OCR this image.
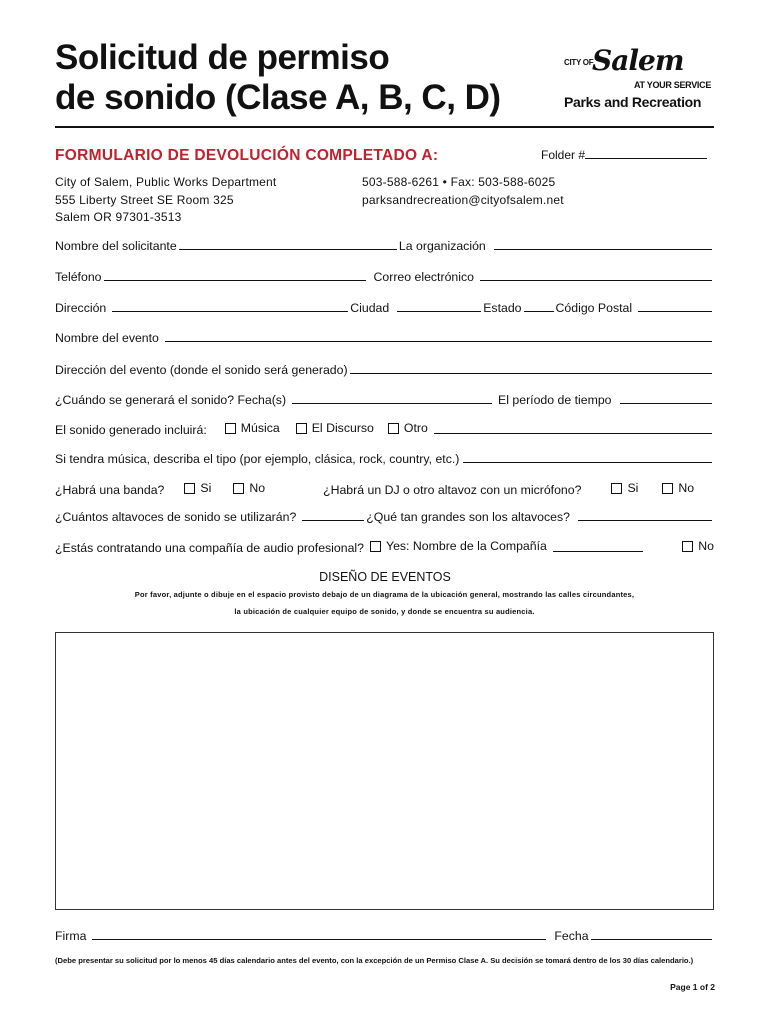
Solicitud de permiso
de sonido (Clase A, B, C, D)
CITY OF
Salem
AT YOUR SERVICE
Parks and Recreation
FORMULARIO DE DEVOLUCIÓN COMPLETADO A:	Folder #
City of Salem, Public Works Department
555 Liberty Street SE Room 325
Salem OR 97301-3513
503-588-6261 • Fax: 503-588-6025
parksandrecreation@cityofsalem.net
Nombre del solicitante	La organización
Teléfono	Correo electrónico
Dirección	Ciudad	Estado	Código Postal
Nombre del evento
Dirección del evento (donde el sonido será generado)
¿Cuándo se generará el sonido? Fecha(s)	El período de tiempo
El sonido generado incluirá:	Música	El Discurso Otro
Si tendra música, describa el tipo (por ejemplo, clásica, rock, country, etc.)
¿Habrá una banda?	Si	No	¿Habrá un DJ o otro altavoz con un micrófono?	Si	No
¿Cuántos altavoces de sonido se utilizarán?	¿Qué tan grandes son los altavoces?
¿Estás contratando una compañía de audio profesional? Yes: Nombre de la Compañía	No
DISEÑO DE EVENTOS
Por favor, adjunte o dibuje en el espacio provisto debajo de un diagrama de la ubicación general, mostrando las calles circundantes,
la ubicación de cualquier equipo de sonido, y donde se encuentra su audiencia.
Firma	Fecha
(Debe presentar su solicitud por lo menos 45 días calendario antes del evento, con la excepción de un Permiso Clase A. Su decisión se tomará dentro de los 30 días calendario.)
Page 1 of 2
